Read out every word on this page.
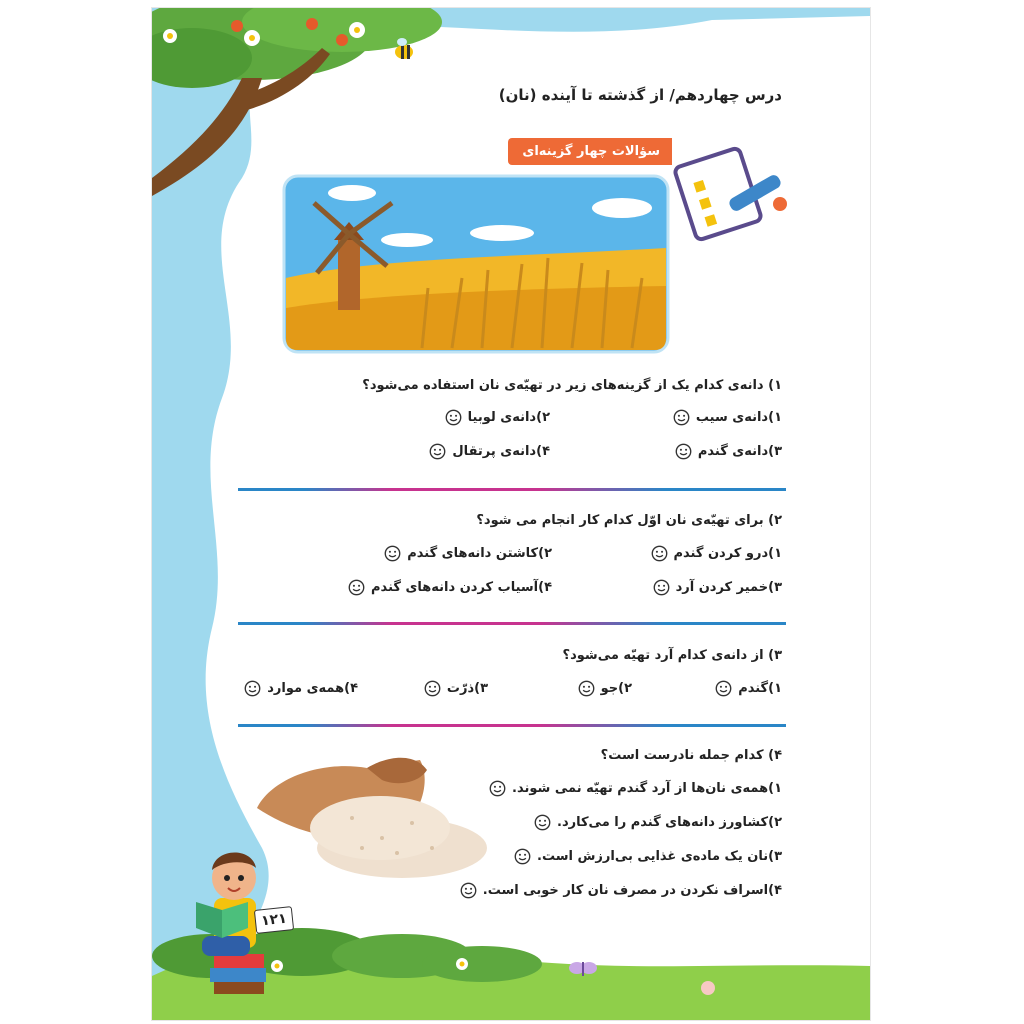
درس چهاردهم/ از گذشته تا آینده (نان)
سؤالات چهار گزینه‌ای
۱) دانه‌ی کدام یک از گزینه‌های زیر در تهیّه‌ی نان استفاده می‌شود؟
۱)دانه‌ی سیب
۲)دانه‌ی لوبیا
۳)دانه‌ی گندم
۴)دانه‌ی پرتقال
۲) برای تهیّه‌ی نان اوّل کدام کار انجام می شود؟
۱)درو کردن گندم
۲)کاشتن دانه‌های گندم
۳)خمیر کردن آرد
۴)آسیاب کردن دانه‌های گندم
۳) از دانه‌ی کدام آرد تهیّه می‌شود؟
۱)گندم
۲)جو
۳)ذرّت
۴)همه‌ی موارد
۴) کدام جمله نادرست است؟
۱)همه‌ی نان‌ها از آرد گندم تهیّه نمی شوند.
۲)کشاورز دانه‌های گندم را می‌کارد.
۳)نان یک ماده‌ی غذایی بی‌ارزش است.
۴)اسراف نکردن در مصرف نان کار خوبی است.
۱۲۱
